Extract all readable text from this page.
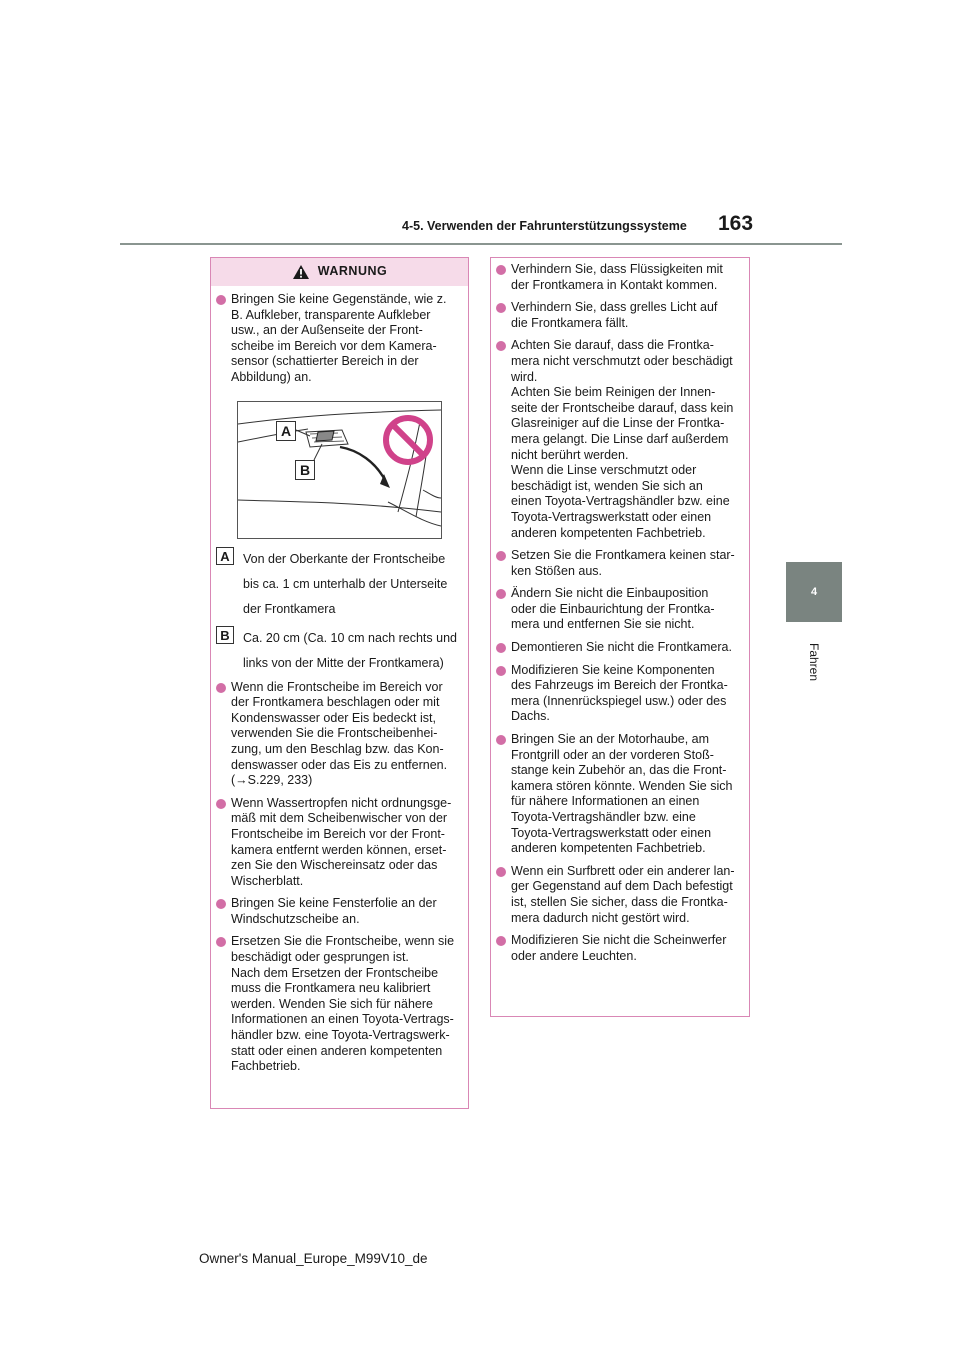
4-5. Verwenden der Fahrunterstützungssysteme	163
4
Fahren
WARNUNG
Bringen Sie keine Gegenstände, wie z.
B. Aufkleber, transparente Aufkleber
usw., an der Außenseite der Front-
scheibe im Bereich vor dem Kamera-
sensor (schattierter Bereich in der
Abbildung) an.
A
B
A	Von der Oberkante der Frontscheibe
bis ca. 1 cm unterhalb der Unterseite
der Frontkamera
B	Ca. 20 cm (Ca. 10 cm nach rechts und
links von der Mitte der Frontkamera)
Wenn die Frontscheibe im Bereich vor
der Frontkamera beschlagen oder mit
Kondenswasser oder Eis bedeckt ist,
verwenden Sie die Frontscheibenhei-
zung, um den Beschlag bzw. das Kon-
denswasser oder das Eis zu entfernen.
(→S.229, 233)
Wenn Wassertropfen nicht ordnungsge-
mäß mit dem Scheibenwischer von der
Frontscheibe im Bereich vor der Front-
kamera entfernt werden können, erset-
zen Sie den Wischereinsatz oder das
Wischerblatt.
Bringen Sie keine Fensterfolie an der
Windschutzscheibe an.
Ersetzen Sie die Frontscheibe, wenn sie
beschädigt oder gesprungen ist.
Nach dem Ersetzen der Frontscheibe
muss die Frontkamera neu kalibriert
werden. Wenden Sie sich für nähere
Informationen an einen Toyota-Vertrags-
händler bzw. eine Toyota-Vertragswerk-
statt oder einen anderen kompetenten
Fachbetrieb.
Verhindern Sie, dass Flüssigkeiten mit
der Frontkamera in Kontakt kommen.
Verhindern Sie, dass grelles Licht auf
die Frontkamera fällt.
Achten Sie darauf, dass die Frontka-
mera nicht verschmutzt oder beschädigt
wird.
Achten Sie beim Reinigen der Innen-
seite der Frontscheibe darauf, dass kein
Glasreiniger auf die Linse der Frontka-
mera gelangt. Die Linse darf außerdem
nicht berührt werden.
Wenn die Linse verschmutzt oder
beschädigt ist, wenden Sie sich an
einen Toyota-Vertragshändler bzw. eine
Toyota-Vertragswerkstatt oder einen
anderen kompetenten Fachbetrieb.
Setzen Sie die Frontkamera keinen star-
ken Stößen aus.
Ändern Sie nicht die Einbauposition
oder die Einbaurichtung der Frontka-
mera und entfernen Sie sie nicht.
Demontieren Sie nicht die Frontkamera.
Modifizieren Sie keine Komponenten
des Fahrzeugs im Bereich der Frontka-
mera (Innenrückspiegel usw.) oder des
Dachs.
Bringen Sie an der Motorhaube, am
Frontgrill oder an der vorderen Stoß-
stange kein Zubehör an, das die Front-
kamera stören könnte. Wenden Sie sich
für nähere Informationen an einen
Toyota-Vertragshändler bzw. eine
Toyota-Vertragswerkstatt oder einen
anderen kompetenten Fachbetrieb.
Wenn ein Surfbrett oder ein anderer lan-
ger Gegenstand auf dem Dach befestigt
ist, stellen Sie sicher, dass die Frontka-
mera dadurch nicht gestört wird.
Modifizieren Sie nicht die Scheinwerfer
oder andere Leuchten.
Owner's Manual_Europe_M99V10_de
